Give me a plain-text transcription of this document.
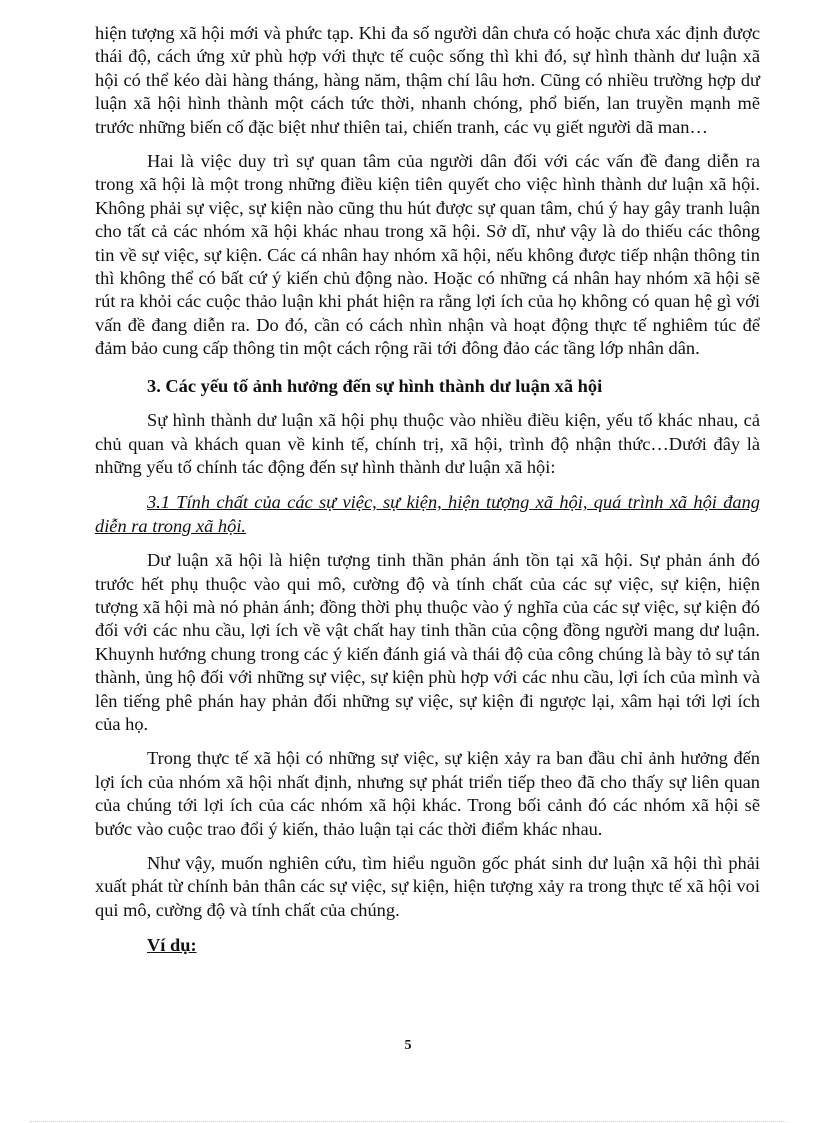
hiện tượng xã hội mới và phức tạp. Khi đa số người dân chưa có hoặc chưa xác định được thái độ, cách ứng xử phù hợp với thực tế cuộc sống thì khi đó, sự hình thành dư luận xã hội có thể kéo dài hàng tháng, hàng năm, thậm chí lâu hơn. Cũng có nhiều trường hợp dư luận xã hội hình thành một cách tức thời, nhanh chóng, phổ biến, lan truyền mạnh mẽ trước những biến cố đặc biệt như thiên tai, chiến tranh, các vụ giết người dã man…

Hai là việc duy trì sự quan tâm của người dân đối với các vấn đề đang diễn ra trong xã hội là một trong những điều kiện tiên quyết cho việc hình thành dư luận xã hội. Không phải sự việc, sự kiện nào cũng thu hút được sự quan tâm, chú ý hay gây tranh luận cho tất cả các nhóm xã hội khác nhau trong xã hội. Sở dĩ, như vậy là do thiếu các thông tin về sự việc, sự kiện. Các cá nhân hay nhóm xã hội, nếu không được tiếp nhận thông tin thì không thể có bất cứ ý kiến chủ động nào. Hoặc có những cá nhân hay nhóm xã hội sẽ rút ra khỏi các cuộc thảo luận khi phát hiện ra rằng lợi ích của họ không có quan hệ gì với vấn đề đang diễn ra. Do đó, cần có cách nhìn nhận và hoạt động thực tế nghiêm túc để đảm bảo cung cấp thông tin một cách rộng rãi tới đông đảo các tầng lớp nhân dân.

3. Các yếu tố ảnh hưởng đến sự hình thành dư luận xã hội

Sự hình thành dư luận xã hội phụ thuộc vào nhiều điều kiện, yếu tố khác nhau, cả chủ quan và khách quan về kinh tế, chính trị, xã hội, trình độ nhận thức…Dưới đây là những yếu tố chính tác động đến sự hình thành dư luận xã hội:

3.1 Tính chất của các sự việc, sự kiện, hiện tượng xã hội, quá trình xã hội đang diễn ra trong xã hội.

Dư luận xã hội là hiện tượng tinh thần phản ánh tồn tại xã hội. Sự phản ánh đó trước hết phụ thuộc vào qui mô, cường độ và tính chất của các sự việc, sự kiện, hiện tượng xã hội mà nó phản ánh; đồng thời phụ thuộc vào ý nghĩa của các sự việc, sự kiện đó đối với các nhu cầu, lợi ích về vật chất hay tinh thần của cộng đồng người mang dư luận. Khuynh hướng chung trong các ý kiến đánh giá và thái độ của công chúng là bày tỏ sự tán thành, ủng hộ đối với những sự việc, sự kiện phù hợp với các nhu cầu, lợi ích của mình và lên tiếng phê phán hay phản đối những sự việc, sự kiện đi ngược lại, xâm hại tới lợi ích của họ.

Trong thực tế xã hội có những sự việc, sự kiện xảy ra ban đầu chỉ ảnh hưởng đến lợi ích của nhóm xã hội nhất định, nhưng sự phát triển tiếp theo đã cho thấy sự liên quan của chúng tới lợi ích của các nhóm xã hội khác. Trong bối cảnh đó các nhóm xã hội sẽ bước vào cuộc trao đổi ý kiến, thảo luận tại các thời điểm khác nhau.

Như vậy, muốn nghiên cứu, tìm hiểu nguồn gốc phát sinh dư luận xã hội thì phải xuất phát từ chính bản thân các sự việc, sự kiện, hiện tượng xảy ra trong thực tế xã hội voi qui mô, cường độ và tính chất của chúng.

Ví dụ:

5
